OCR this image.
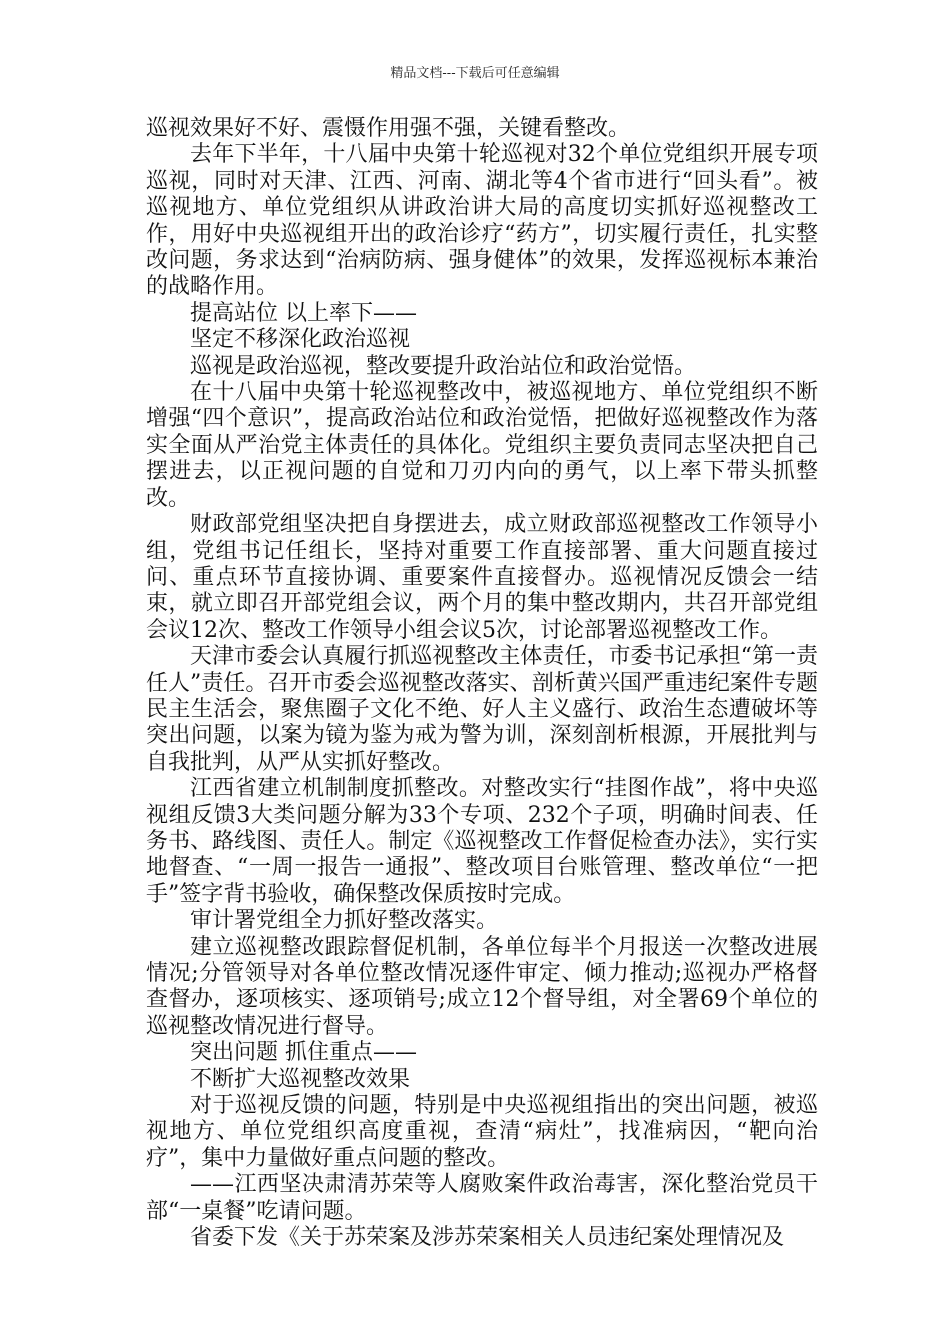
精品文档---下载后可任意编辑

巡视效果好不好、震慑作用强不强，关键看整改。

去年下半年，十八届中央第十轮巡视对32个单位党组织开展专项巡视，同时对天津、江西、河南、湖北等4个省市进行“回头看”。被巡视地方、单位党组织从讲政治讲大局的高度切实抓好巡视整改工作，用好中央巡视组开出的政治诊疗“药方”，切实履行责任，扎实整改问题，务求达到“治病防病、强身健体”的效果，发挥巡视标本兼治的战略作用。

提高站位 以上率下——

坚定不移深化政治巡视

巡视是政治巡视，整改要提升政治站位和政治觉悟。

在十八届中央第十轮巡视整改中，被巡视地方、单位党组织不断增强“四个意识”，提高政治站位和政治觉悟，把做好巡视整改作为落实全面从严治党主体责任的具体化。党组织主要负责同志坚决把自己摆进去，以正视问题的自觉和刀刃内向的勇气，以上率下带头抓整改。

财政部党组坚决把自身摆进去，成立财政部巡视整改工作领导小组，党组书记任组长，坚持对重要工作直接部署、重大问题直接过问、重点环节直接协调、重要案件直接督办。巡视情况反馈会一结束，就立即召开部党组会议，两个月的集中整改期内，共召开部党组会议12次、整改工作领导小组会议5次，讨论部署巡视整改工作。

天津市委会认真履行抓巡视整改主体责任，市委书记承担“第一责任人”责任。召开市委会巡视整改落实、剖析黄兴国严重违纪案件专题民主生活会，聚焦圈子文化不绝、好人主义盛行、政治生态遭破坏等突出问题，以案为镜为鉴为戒为警为训，深刻剖析根源，开展批判与自我批判，从严从实抓好整改。

江西省建立机制制度抓整改。对整改实行“挂图作战”，将中央巡视组反馈3大类问题分解为33个专项、232个子项，明确时间表、任务书、路线图、责任人。制定《巡视整改工作督促检查办法》，实行实地督查、“一周一报告一通报”、整改项目台账管理、整改单位“一把手”签字背书验收，确保整改保质按时完成。

审计署党组全力抓好整改落实。

建立巡视整改跟踪督促机制，各单位每半个月报送一次整改进展情况;分管领导对各单位整改情况逐件审定、倾力推动;巡视办严格督查督办，逐项核实、逐项销号;成立12个督导组，对全署69个单位的巡视整改情况进行督导。

突出问题 抓住重点——

不断扩大巡视整改效果

对于巡视反馈的问题，特别是中央巡视组指出的突出问题，被巡视地方、单位党组织高度重视，查清“病灶”，找准病因，“靶向治疗”，集中力量做好重点问题的整改。

——江西坚决肃清苏荣等人腐败案件政治毒害，深化整治党员干部“一桌餐”吃请问题。

省委下发《关于苏荣案及涉苏荣案相关人员违纪案处理情况及
